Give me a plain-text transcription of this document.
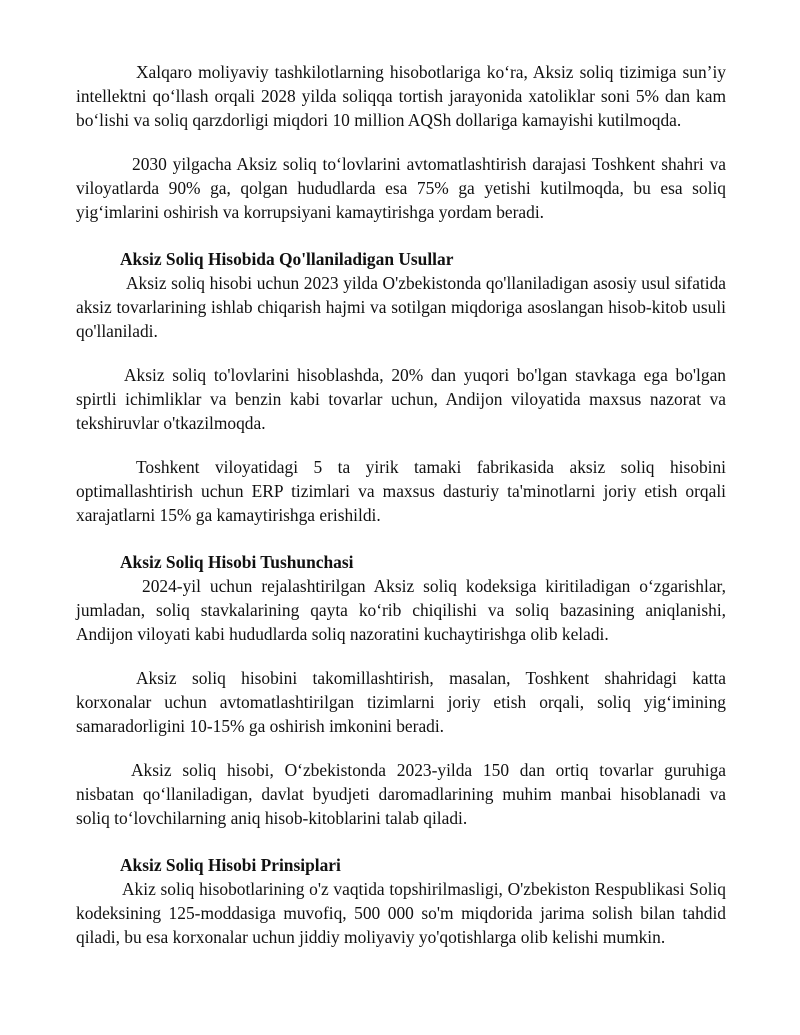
Xalqaro moliyaviy tashkilotlarning hisobotlariga ko‘ra, Aksiz soliq tizimiga sun’iy intellektni qo‘llash orqali 2028 yilda soliqqa tortish jarayonida xatoliklar soni 5% dan kam bo‘lishi va soliq qarzdorligi miqdori 10 million AQSh dollariga kamayishi kutilmoqda.

2030 yilgacha Aksiz soliq to‘lovlarini avtomatlashtirish darajasi Toshkent shahri va viloyatlarda 90% ga, qolgan hududlarda esa 75% ga yetishi kutilmoqda, bu esa soliq yig‘imlarini oshirish va korrupsiyani kamaytirishga yordam beradi.

Aksiz Soliq Hisobida Qo'llaniladigan Usullar

Aksiz soliq hisobi uchun 2023 yilda O'zbekistonda qo'llaniladigan asosiy usul sifatida aksiz tovarlarining ishlab chiqarish hajmi va sotilgan miqdoriga asoslangan hisob-kitob usuli qo'llaniladi.

Aksiz soliq to'lovlarini hisoblashda, 20% dan yuqori bo'lgan stavkaga ega bo'lgan spirtli ichimliklar va benzin kabi tovarlar uchun, Andijon viloyatida maxsus nazorat va tekshiruvlar o'tkazilmoqda.

Toshkent viloyatidagi 5 ta yirik tamaki fabrikasida aksiz soliq hisobini optimallashtirish uchun ERP tizimlari va maxsus dasturiy ta'minotlarni joriy etish orqali xarajatlarni 15% ga kamaytirishga erishildi.

Aksiz Soliq Hisobi Tushunchasi

2024-yil uchun rejalashtirilgan Aksiz soliq kodeksiga kiritiladigan o‘zgarishlar, jumladan, soliq stavkalarining qayta ko‘rib chiqilishi va soliq bazasining aniqlanishi, Andijon viloyati kabi hududlarda soliq nazoratini kuchaytirishga olib keladi.

Aksiz soliq hisobini takomillashtirish, masalan, Toshkent shahridagi katta korxonalar uchun avtomatlashtirilgan tizimlarni joriy etish orqali, soliq yig‘imining samaradorligini 10-15% ga oshirish imkonini beradi.

Aksiz soliq hisobi, O‘zbekistonda 2023-yilda 150 dan ortiq tovarlar guruhiga nisbatan qo‘llaniladigan, davlat byudjeti daromadlarining muhim manbai hisoblanadi va soliq to‘lovchilarning aniq hisob-kitoblarini talab qiladi.

Aksiz Soliq Hisobi Prinsiplari

Akiz soliq hisobotlarining o'z vaqtida topshirilmasligi, O'zbekiston Respublikasi Soliq kodeksining 125-moddasiga muvofiq, 500 000 so'm miqdorida jarima solish bilan tahdid qiladi, bu esa korxonalar uchun jiddiy moliyaviy yo'qotishlarga olib kelishi mumkin.
